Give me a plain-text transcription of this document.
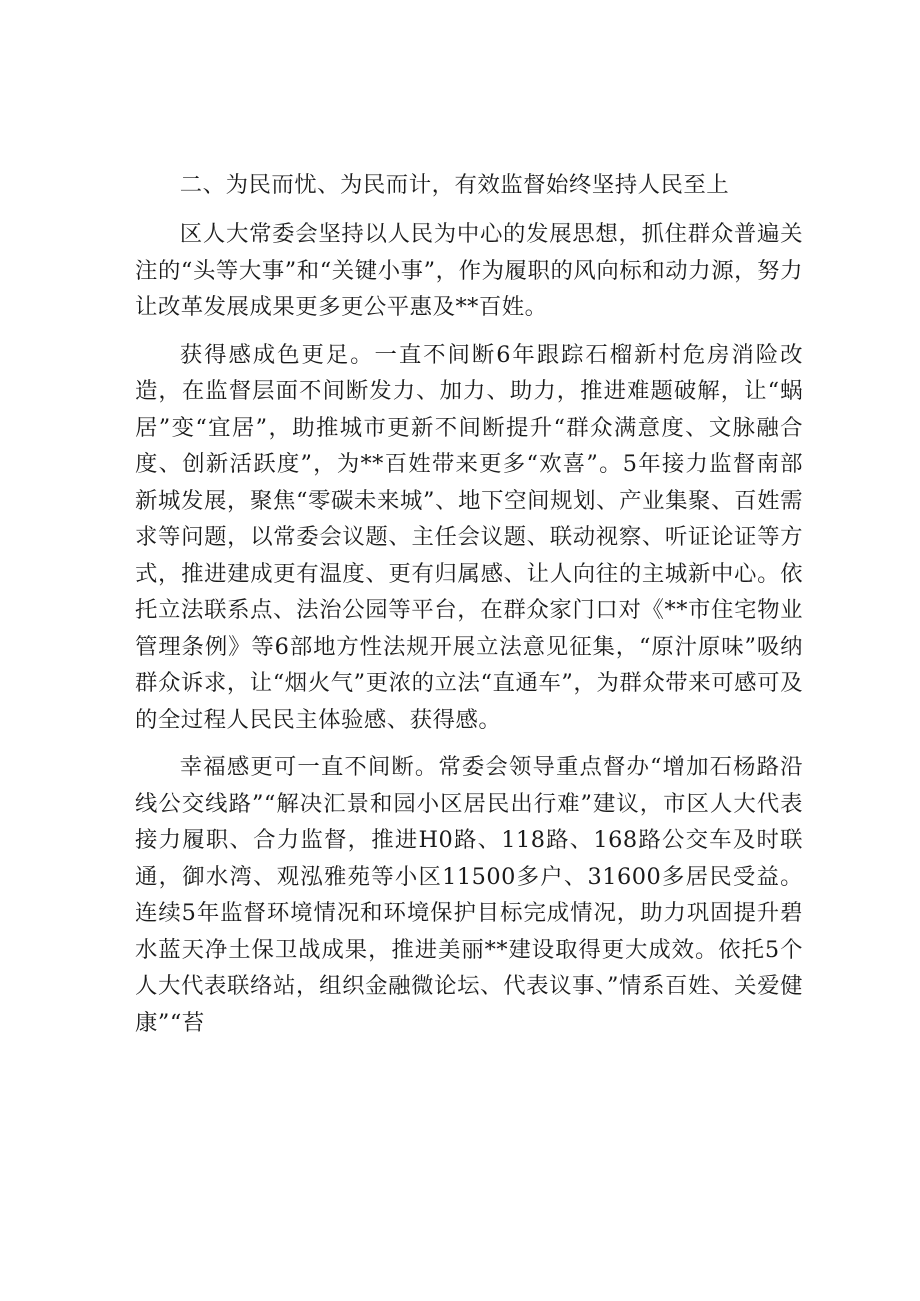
二、为民而忧、为民而计，有效监督始终坚持人民至上

区人大常委会坚持以人民为中心的发展思想，抓住群众普遍关注的“头等大事”和“关键小事”，作为履职的风向标和动力源，努力让改革发展成果更多更公平惠及**百姓。

获得感成色更足。一直不间断6年跟踪石榴新村危房消险改造，在监督层面不间断发力、加力、助力，推进难题破解，让“蜗居”变“宜居”，助推城市更新不间断提升“群众满意度、文脉融合度、创新活跃度”，为**百姓带来更多“欢喜”。5年接力监督南部新城发展，聚焦“零碳未来城”、地下空间规划、产业集聚、百姓需求等问题，以常委会议题、主任会议题、联动视察、听证论证等方式，推进建成更有温度、更有归属感、让人向往的主城新中心。依托立法联系点、法治公园等平台，在群众家门口对《**市住宅物业管理条例》等6部地方性法规开展立法意见征集，“原汁原味”吸纳群众诉求，让“烟火气”更浓的立法“直通车”，为群众带来可感可及的全过程人民民主体验感、获得感。

幸福感更可一直不间断。常委会领导重点督办“增加石杨路沿线公交线路”“解决汇景和园小区居民出行难”建议，市区人大代表接力履职、合力监督，推进H0路、118路、168路公交车及时联通，御水湾、观泓雅苑等小区11500多户、31600多居民受益。连续5年监督环境情况和环境保护目标完成情况，助力巩固提升碧水蓝天净土保卫战成果，推进美丽**建设取得更大成效。依托5个人大代表联络站，组织金融微论坛、代表议事、”情系百姓、关爱健康”“苔
